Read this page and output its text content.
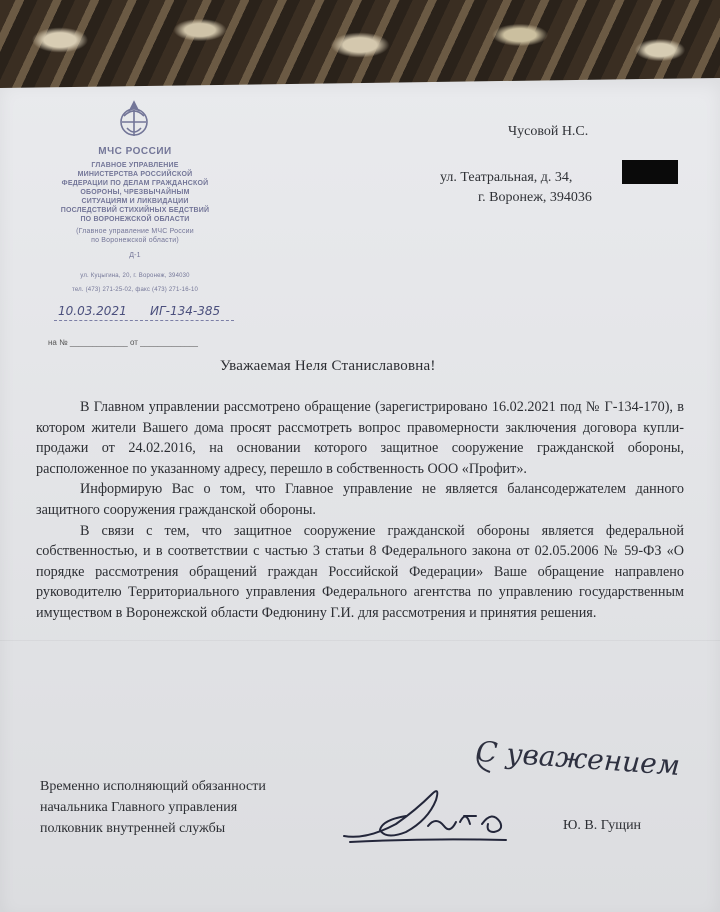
МЧС РОССИИ
ГЛАВНОЕ УПРАВЛЕНИЕ
МИНИСТЕРСТВА РОССИЙСКОЙ
ФЕДЕРАЦИИ ПО ДЕЛАМ ГРАЖДАНСКОЙ
ОБОРОНЫ, ЧРЕЗВЫЧАЙНЫМ
СИТУАЦИЯМ И ЛИКВИДАЦИИ
ПОСЛЕДСТВИЙ СТИХИЙНЫХ БЕДСТВИЙ
ПО ВОРОНЕЖСКОЙ ОБЛАСТИ
(Главное управление МЧС России
по Воронежской области)
Д-1
ул. Куцыгина, 20, г. Воронеж, 394030
тел. (473) 271-25-02, факс (473) 271-16-10
10.03.2021 ИГ-134-385
на № _____________ от _____________
Чусовой Н.С.
ул. Театральная, д. 34,
г. Воронеж, 394036
Уважаемая Неля Станиславовна!

В Главном управлении рассмотрено обращение (зарегистрировано 16.02.2021 под № Г-134-170), в котором жители Вашего дома просят рассмотреть вопрос правомерности заключения договора купли-продажи от 24.02.2016, на основании которого защитное сооружение гражданской обороны, расположенное по указанному адресу, перешло в собственность ООО «Профит».

Информирую Вас о том, что Главное управление не является балансодержателем данного защитного сооружения гражданской обороны.

В связи с тем, что защитное сооружение гражданской обороны является федеральной собственностью, и в соответствии с частью 3 статьи 8 Федерального закона от 02.05.2006 № 59-ФЗ «О порядке рассмотрения обращений граждан Российской Федерации» Ваше обращение направлено руководителю Территориального управления Федерального агентства по управлению государственным имуществом в Воронежской области Федюнину Г.И. для рассмотрения и принятия решения.

С уважением
Временно исполняющий обязанности
начальника Главного управления
полковник внутренней службы	Ю. В. Гущин
